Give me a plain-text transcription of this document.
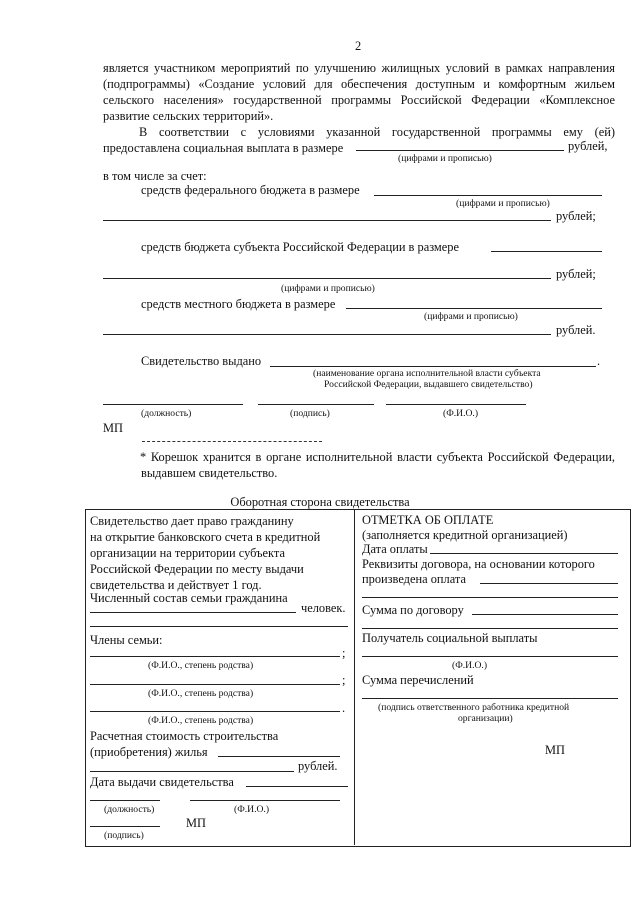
2
является участником мероприятий по улучшению жилищных условий в рамках направления (подпрограммы) «Создание условий для обеспечения доступным и комфортным жильем сельского населения» государственной программы Российской Федерации «Комплексное развитие сельских территорий».
В соответствии с условиями указанной государственной программы ему (ей) предоставлена социальная выплата в размере	рублей,
(цифрами и прописью)
в том числе за счет:
средств федерального бюджета в размере
(цифрами и прописью)
рублей;
средств бюджета субъекта Российской Федерации в размере
рублей;
(цифрами и прописью)
средств местного бюджета в размере
(цифрами и прописью)
рублей.
Свидетельство выдано	.
(наименование органа исполнительной власти субъекта
Российской Федерации, выдавшего свидетельство)
(должность)	(подпись)	(Ф.И.О.)
МП
* Корешок хранится в органе исполнительной власти субъекта Российской Федерации, выдавшем свидетельство.
Оборотная сторона свидетельства
Свидетельство дает право гражданину
на открытие банковского счета в кредитной
организации на территории субъекта
Российской Федерации по месту выдачи
свидетельства и действует 1 год.
Численный состав семьи гражданина
человек.
Члены семьи:
;
(Ф.И.О., степень родства)
;
(Ф.И.О., степень родства)
.
(Ф.И.О., степень родства)
Расчетная стоимость строительства
(приобретения) жилья
рублей.
Дата выдачи свидетельства
(должность)	(Ф.И.О.)
МП
(подпись)
ОТМЕТКА ОБ ОПЛАТЕ
(заполняется кредитной организацией)
Дата оплаты
Реквизиты договора, на основании которого
произведена оплата
Сумма по договору
Получатель социальной выплаты
(Ф.И.О.)
Сумма перечислений
(подпись ответственного работника кредитной
организации)
МП
